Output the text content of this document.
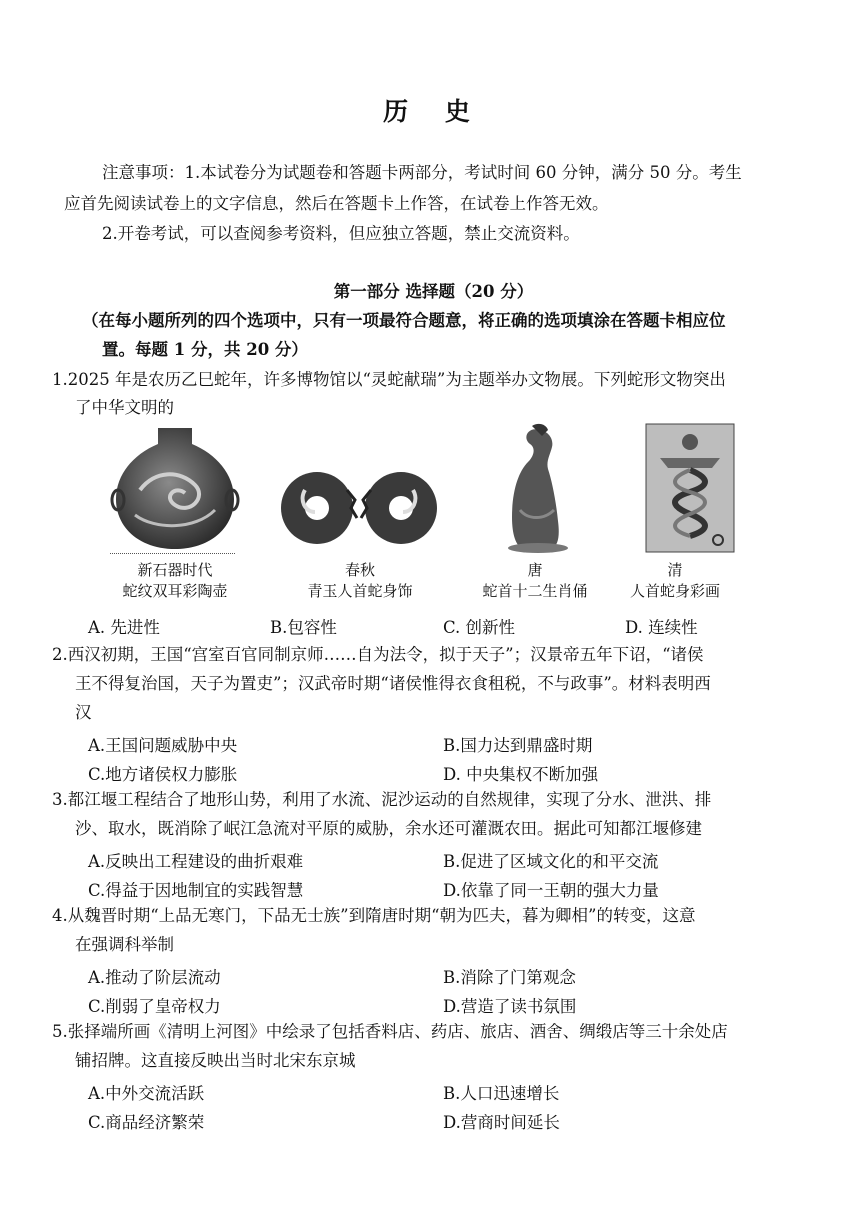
历 史
注意事项：1.本试卷分为试题卷和答题卡两部分，考试时间 60 分钟，满分 50 分。考生
应首先阅读试卷上的文字信息，然后在答题卡上作答，在试卷上作答无效。
2.开卷考试，可以查阅参考资料，但应独立答题，禁止交流资料。
第一部分 选择题（20 分）
（在每小题所列的四个选项中，只有一项最符合题意，将正确的选项填涂在答题卡相应位
置。每题 1 分，共 20 分）
1.2025 年是农历乙巳蛇年，许多博物馆以“灵蛇献瑞”为主题举办文物展。下列蛇形文物突出
了中华文明的
新石器时代
蛇纹双耳彩陶壶
春秋
青玉人首蛇身饰
唐
蛇首十二生肖俑
清
人首蛇身彩画
A. 先进性	B.包容性	C. 创新性	D. 连续性
2.西汉初期，王国“宫室百官同制京师……自为法令，拟于天子”；汉景帝五年下诏，“诸侯
王不得复治国，天子为置吏”；汉武帝时期“诸侯惟得衣食租税，不与政事”。材料表明西
汉
A.王国问题威胁中央	B.国力达到鼎盛时期
C.地方诸侯权力膨胀	D. 中央集权不断加强
3.都江堰工程结合了地形山势，利用了水流、泥沙运动的自然规律，实现了分水、泄洪、排
沙、取水，既消除了岷江急流对平原的威胁，余水还可灌溉农田。据此可知都江堰修建
A.反映出工程建设的曲折艰难	B.促进了区域文化的和平交流
C.得益于因地制宜的实践智慧	D.依靠了同一王朝的强大力量
4.从魏晋时期“上品无寒门，下品无士族”到隋唐时期“朝为匹夫，暮为卿相”的转变，这意
在强调科举制
A.推动了阶层流动	B.消除了门第观念
C.削弱了皇帝权力	D.营造了读书氛围
5.张择端所画《清明上河图》中绘录了包括香料店、药店、旅店、酒舍、绸缎店等三十余处店
铺招牌。这直接反映出当时北宋东京城
A.中外交流活跃	B.人口迅速增长
C.商品经济繁荣	D.营商时间延长
